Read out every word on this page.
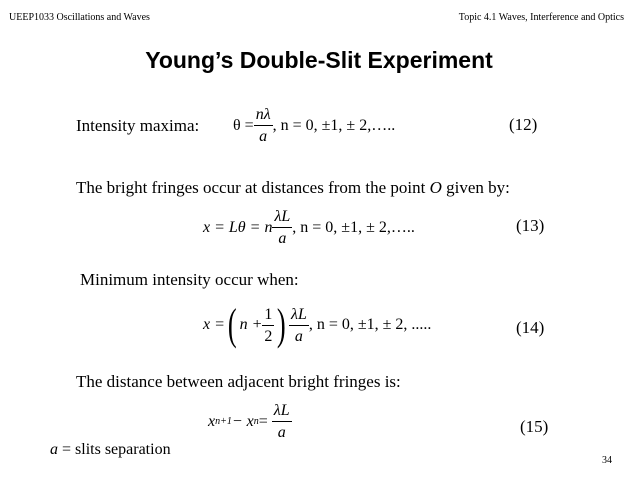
UEEP1033 Oscillations and Waves	Topic 4.1 Waves, Interference and Optics
Young’s Double-Slit Experiment
Intensity maxima: $\theta = \frac{n\lambda}{a}$ , n = 0, ±1, ± 2,…..	(12)
The bright fringes occur at distances from the point O given by:
x = Lθ = n $\frac{\lambda L}{a}$ , n = 0, ±1, ± 2,…..	(13)
Minimum intensity occur when:
x = ( $n + \frac{1}{2}$ ) $\frac{\lambda L}{a}$ , n = 0, ±1, ± 2, .....	(14)
The distance between adjacent bright fringes is:
x n+1 − x $n = \frac{\lambda L}{a}$	(15)
a = slits separation
34
